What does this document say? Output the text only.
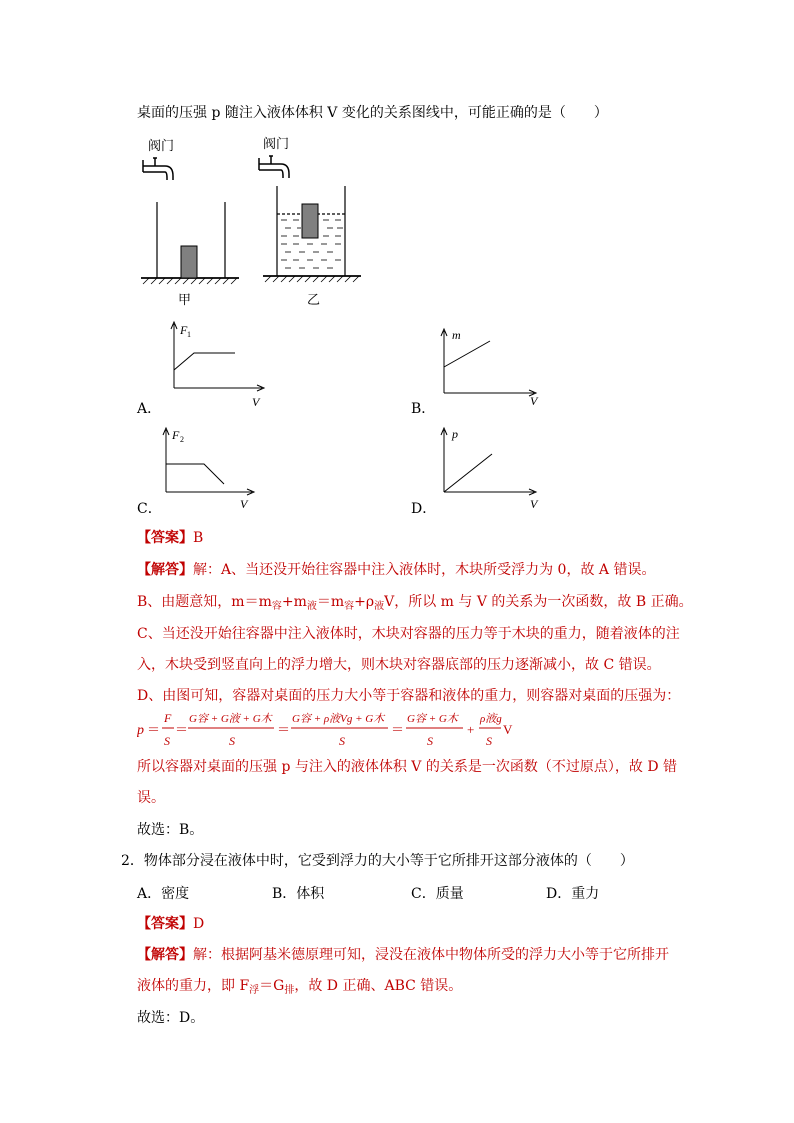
桌面的压强 p 随注入液体体积 V 变化的关系图线中，可能正确的是（　　）
阀门
甲
阀门
乙
A．
F 1
V	B．
m
V
C．
F 2
V	D．
p
V
【答案】B
【解答】解：A、当还没开始往容器中注入液体时，木块所受浮力为 0，故 A 错误。
B、由题意知，$m=m_容+m_液=m_容+\rho_液V$，所以 m 与 V 的关系为一次函数，故 B 正确。
C、当还没开始往容器中注入液体时，木块对容器的压力等于木块的重力，随着液体的注
入，木块受到竖直向上的浮力增大，则木块对容器底部的压力逐渐减小，故 C 错误。
D、由图可知，容器对桌面的压力大小等于容器和液体的重力，则容器对桌面的压强为：
p ＝
F
S
＝
G容 + G液 + G木
S
＝
G容 + ρ液Vg + G木
S
＝
G容 + G木
S
+
ρ液g
S
V
所以容器对桌面的压强 p 与注入的液体体积 V 的关系是一次函数（不过原点），故 D 错
误。
故选：B。
2．物体部分浸在液体中时，它受到浮力的大小等于它所排开这部分液体的（　　）
A．密度	B．体积	C．质量	D．重力
【答案】D
【解答】解：根据阿基米德原理可知，浸没在液体中物体所受的浮力大小等于它所排开
液体的重力，即 $F_浮=G_排$，故 D 正确、ABC 错误。
故选：D。
